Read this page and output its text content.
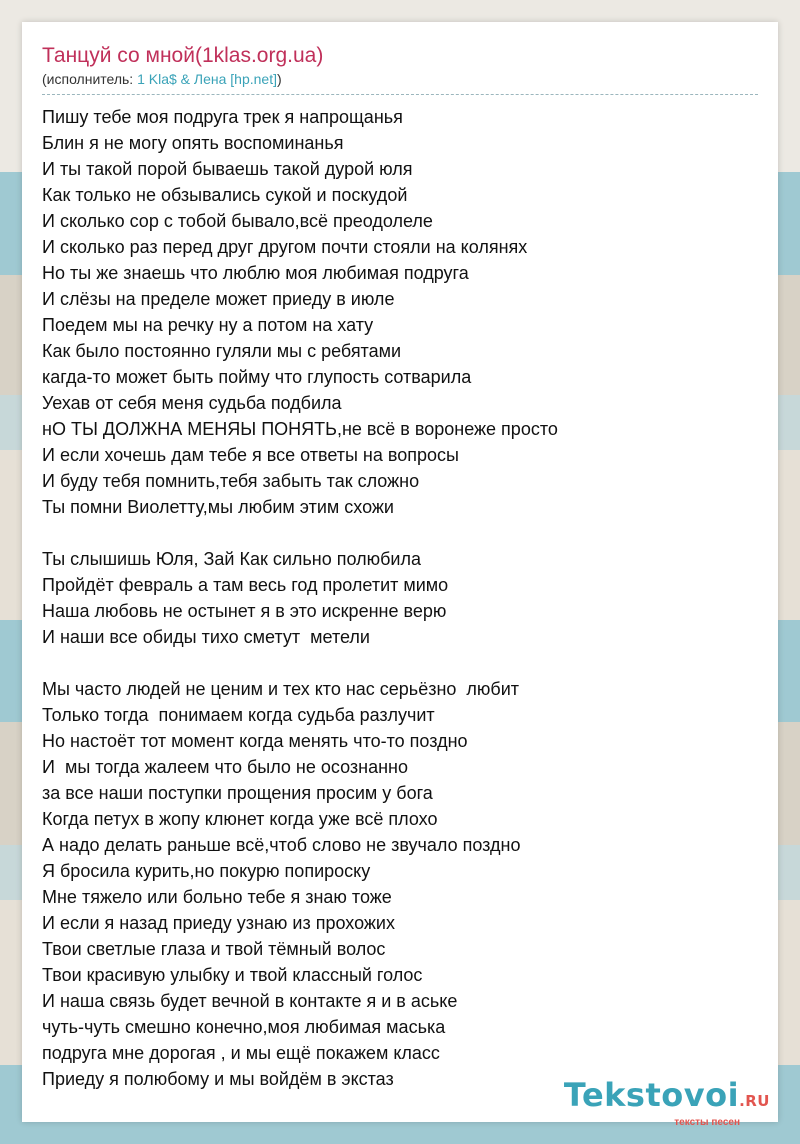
Танцуй со мной(1klas.org.ua)
(исполнитель: 1 Kla$ & Лена [hp.net])
Пишу тебе моя подруга трек я напрощанья
Блин я не могу опять воспоминанья
И ты такой порой бываешь такой дурой юля
Как только не обзывались сукой и поскудой
И сколько сор с тобой бывало,всё преодолеле
И сколько раз перед друг другом почти стояли на колянях
Но ты же знаешь что люблю моя любимая подруга
И слёзы на пределе может приеду в июле
Поедем мы на речку ну а потом на хату
Как было постоянно гуляли мы с ребятами
кагда-то может быть пойму что глупость сотварила
Уехав от себя меня судьба подбила
нО ТЫ ДОЛЖНА МЕНЯЫ ПОНЯТЬ,не всё в воронеже просто
И если хочешь дам тебе я все ответы на вопросы
И буду тебя помнить,тебя забыть так сложно
Ты помни Виолетту,мы любим этим схожи
Ты слышишь Юля, Зай Как сильно полюбила
Пройдёт февраль а там весь год пролетит мимо
Наша любовь не остынет я в это искренне верю
И наши все обиды тихо сметут  метели
Мы часто людей не ценим и тех кто нас серьёзно  любит
Только тогда  понимаем когда судьба разлучит
Но настоёт тот момент когда менять что-то поздно
И  мы тогда жалеем что было не осознанно
за все наши поступки прощения просим у бога
Когда петух в жопу клюнет когда уже всё плохо
А надо делать раньше всё,чтоб слово не звучало поздно
Я бросила курить,но покурю попироску
Мне тяжело или больно тебе я знаю тоже
И если я назад приеду узнаю из прохожих
Твои светлые глаза и твой тёмный волос
Твои красивую улыбку и твой классный голос
И наша связь будет вечной в контакте я и в аське
чуть-чуть смешно конечно,моя любимая маська
подруга мне дорогая , и мы ещё покажем класс
Приеду я полюбому и мы войдём в экстаз	Tekstovoi.RU
тексты песен
